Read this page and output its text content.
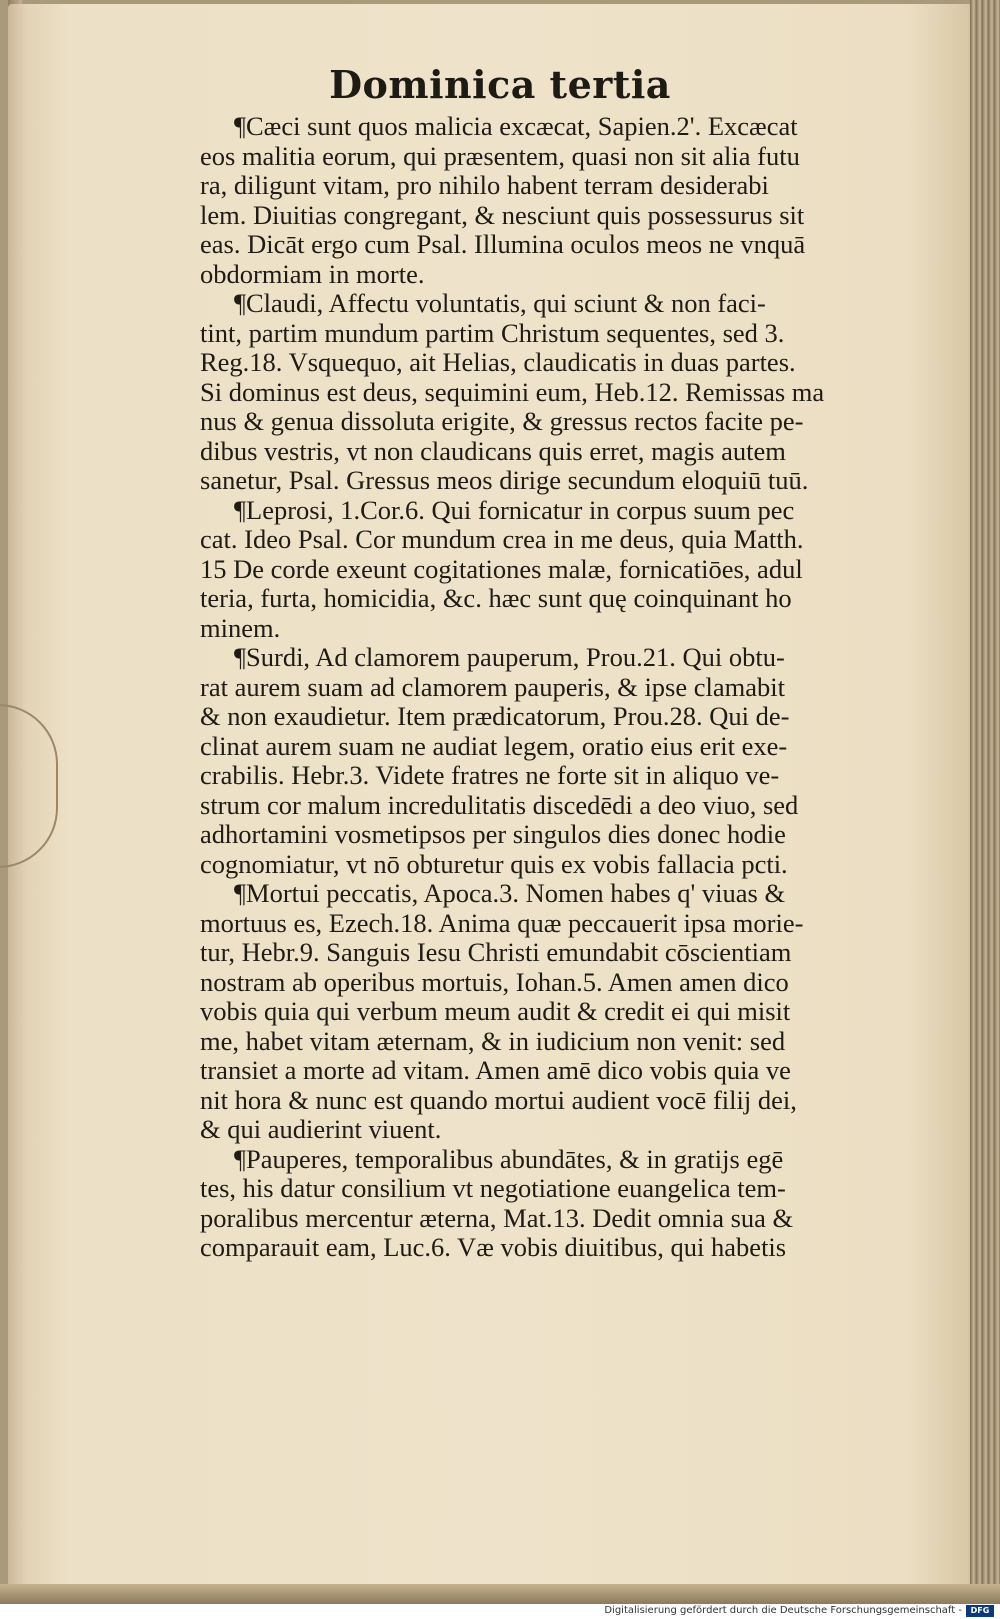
Dominica tertia
¶Cæci sunt quos malicia excæcat, Sapien.2'. Excæcat
eos malitia eorum, qui præsentem, quasi non sit alia futu
ra, diligunt vitam, pro nihilo habent terram desiderabi
lem. Diuitias congregant, & nesciunt quis possessurus sit
eas. Dicāt ergo cum Psal. Illumina oculos meos ne vnquā
obdormiam in morte.
¶Claudi, Affectu voluntatis, qui sciunt & non faci-
tint, partim mundum partim Christum sequentes, sed 3.
Reg.18. Vsquequo, ait Helias, claudicatis in duas partes.
Si dominus est deus, sequimini eum, Heb.12. Remissas ma
nus & genua dissoluta erigite, & gressus rectos facite pe-
dibus vestris, vt non claudicans quis erret, magis autem
sanetur, Psal. Gressus meos dirige secundum eloquiū tuū.
¶Leprosi, 1.Cor.6. Qui fornicatur in corpus suum pec
cat. Ideo Psal. Cor mundum crea in me deus, quia Matth.
15 De corde exeunt cogitationes malæ, fornicatiōes, adul
teria, furta, homicidia, &c. hæc sunt quę coinquinant ho
minem.
¶Surdi, Ad clamorem pauperum, Prou.21. Qui obtu-
rat aurem suam ad clamorem pauperis, & ipse clamabit
& non exaudietur. Item prædicatorum, Prou.28. Qui de-
clinat aurem suam ne audiat legem, oratio eius erit exe-
crabilis. Hebr.3. Videte fratres ne forte sit in aliquo ve-
strum cor malum incredulitatis discedēdi a deo viuo, sed
adhortamini vosmetipsos per singulos dies donec hodie
cognomiatur, vt nō obturetur quis ex vobis fallacia pcti.
¶Mortui peccatis, Apoca.3. Nomen habes q' viuas &
mortuus es, Ezech.18. Anima quæ peccauerit ipsa morie-
tur, Hebr.9. Sanguis Iesu Christi emundabit cōscientiam
nostram ab operibus mortuis, Iohan.5. Amen amen dico
vobis quia qui verbum meum audit & credit ei qui misit
me, habet vitam æternam, & in iudicium non venit: sed
transiet a morte ad vitam. Amen amē dico vobis quia ve
nit hora & nunc est quando mortui audient vocē filij dei,
& qui audierint viuent.
¶Pauperes, temporalibus abundātes, & in gratijs egē
tes, his datur consilium vt negotiatione euangelica tem-
poralibus mercentur æterna, Mat.13. Dedit omnia sua &
comparauit eam, Luc.6. Væ vobis diuitibus, qui habetis
Digitalisierung gefördert durch die Deutsche Forschungsgemeinschaft -	DFG
